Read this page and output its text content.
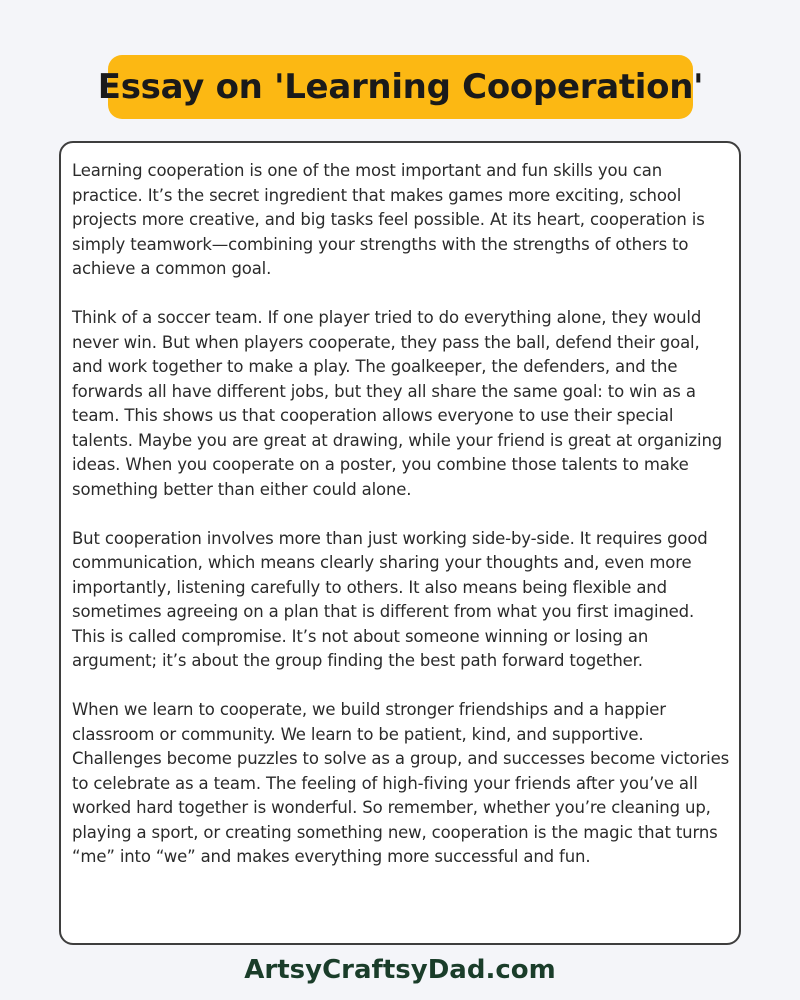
Essay on 'Learning Cooperation'

Learning cooperation is one of the most important and fun skills you can practice. It’s the secret ingredient that makes games more exciting, school projects more creative, and big tasks feel possible. At its heart, cooperation is simply teamwork—combining your strengths with the strengths of others to achieve a common goal.

Think of a soccer team. If one player tried to do everything alone, they would never win. But when players cooperate, they pass the ball, defend their goal, and work together to make a play. The goalkeeper, the defenders, and the forwards all have different jobs, but they all share the same goal: to win as a team. This shows us that cooperation allows everyone to use their special talents. Maybe you are great at drawing, while your friend is great at organizing ideas. When you cooperate on a poster, you combine those talents to make something better than either could alone.

But cooperation involves more than just working side-by-side. It requires good communication, which means clearly sharing your thoughts and, even more importantly, listening carefully to others. It also means being flexible and sometimes agreeing on a plan that is different from what you first imagined. This is called compromise. It’s not about someone winning or losing an argument; it’s about the group finding the best path forward together.

When we learn to cooperate, we build stronger friendships and a happier classroom or community. We learn to be patient, kind, and supportive. Challenges become puzzles to solve as a group, and successes become victories to celebrate as a team. The feeling of high-fiving your friends after you’ve all worked hard together is wonderful. So remember, whether you’re cleaning up, playing a sport, or creating something new, cooperation is the magic that turns “me” into “we” and makes everything more successful and fun.

ArtsyCraftsyDad.com
